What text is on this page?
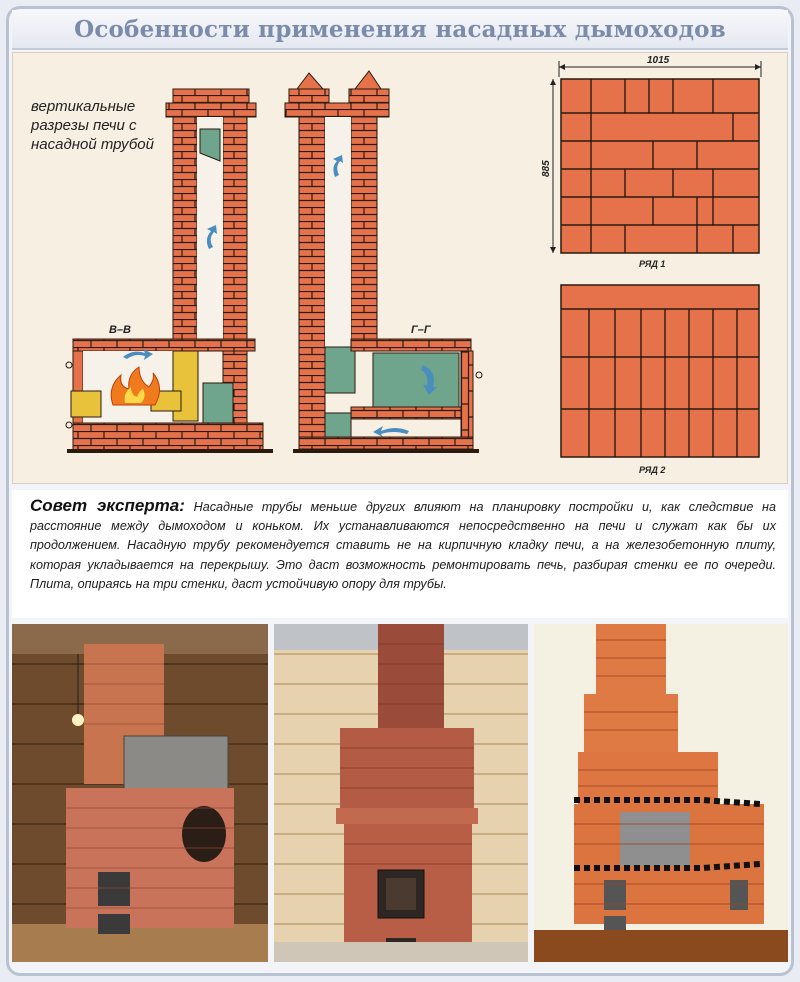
Особенности применения насадных дымоходов
В–В	Г–Г
1015
885
РЯД 1
РЯД 2
вертикальные разрезы печи с насадной трубой
Совет эксперта: Насадные трубы меньше других влияют на планировку постройки и, как следствие на расстояние между дымоходом и коньком. Их устанавливаются непосредственно на печи и служат как бы их продолжением. Насадную трубу рекомендуется ставить не на кирпичную кладку печи, а на железобетонную плиту, которая укладывается на перекрышу. Это даст возможность ремонтировать печь, разбирая стенки ее по очереди. Плита, опираясь на три стенки, даст устойчивую опору для трубы.
